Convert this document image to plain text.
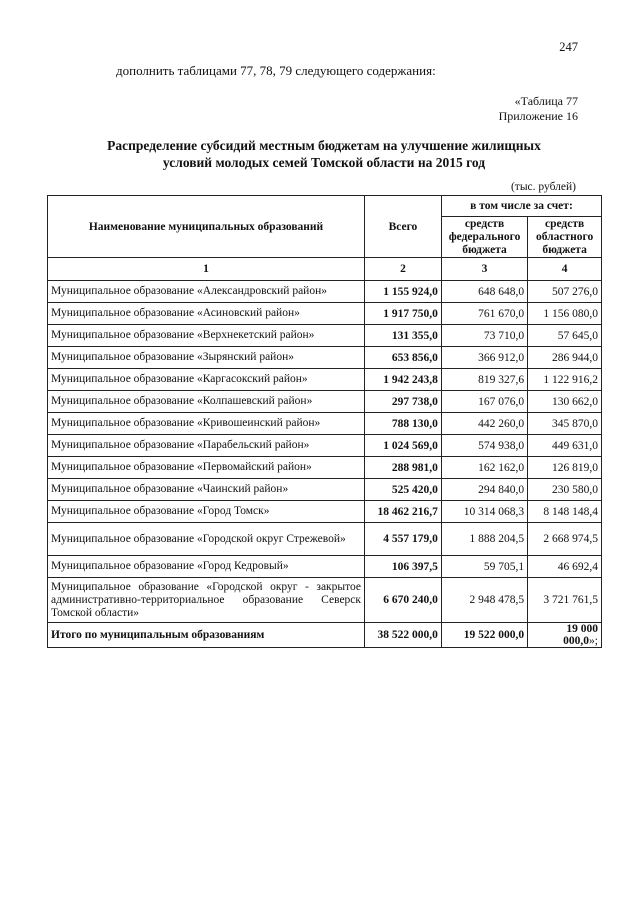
247
дополнить таблицами 77, 78, 79 следующего содержания:
«Таблица 77
Приложение 16
Распределение субсидий местным бюджетам на улучшение жилищных
условий молодых семей Томской области на 2015 год
(тыс. рублей)
Наименование муниципальных образований	Всего	в том числе за счет:	
		средств федерального бюджета	средств областного бюджета
1	2	3	4
Муниципальное образование «Александровский район»	1 155 924,0	648 648,0	507 276,0
Муниципальное образование «Асиновский район»	1 917 750,0	761 670,0	1 156 080,0
Муниципальное образование «Верхнекетский район»	131 355,0	73 710,0	57 645,0
Муниципальное образование «Зырянский район»	653 856,0	366 912,0	286 944,0
Муниципальное образование «Каргасокский район»	1 942 243,8	819 327,6	1 122 916,2
Муниципальное образование «Колпашевский район»	297 738,0	167 076,0	130 662,0
Муниципальное образование «Кривошеинский район»	788 130,0	442 260,0	345 870,0
Муниципальное образование «Парабельский район»	1 024 569,0	574 938,0	449 631,0
Муниципальное образование «Первомайский район»	288 981,0	162 162,0	126 819,0
Муниципальное образование «Чаинский район»	525 420,0	294 840,0	230 580,0
Муниципальное образование «Город Томск»	18 462 216,7	10 314 068,3	8 148 148,4
Муниципальное образование «Городской округ Стрежевой»	4 557 179,0	1 888 204,5	2 668 974,5
Муниципальное образование «Город Кедровый»	106 397,5	59 705,1	46 692,4
Муниципальное образование «Городской округ - закрытое административно-территориальное образование Северск Томской области»	6 670 240,0	2 948 478,5	3 721 761,5
Итого по муниципальным образованиям	38 522 000,0	19 522 000,0	19 000 000,0»;
